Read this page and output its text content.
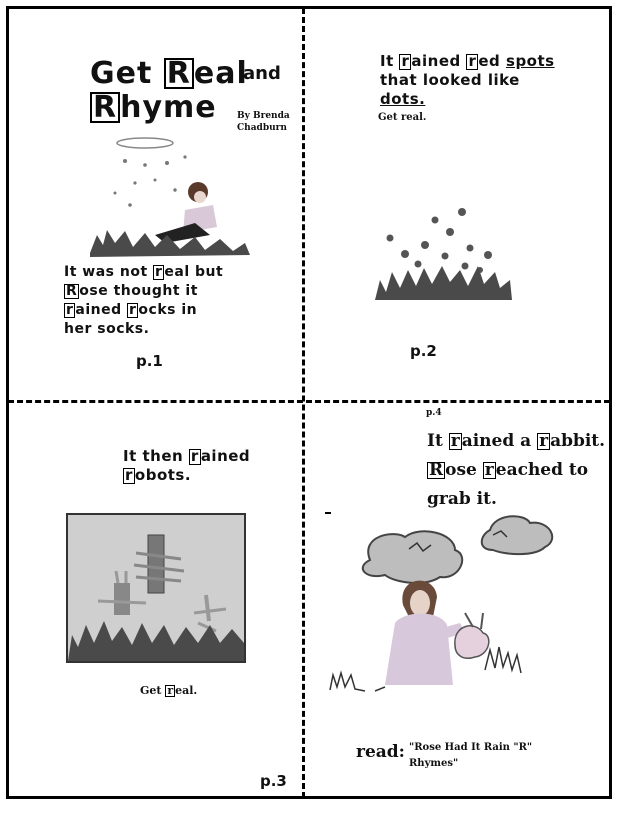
Get R eal
and
R hyme By Brenda
Chadburn
It was not r eal but
R ose thought it
r ained r ocks in
her socks.
p.1
It r ained r ed spots
that looked like
dots.
Get real.
p.2
It then r ained
r obots.
Get r eal.
p.3
p.4
It r ained a r abbit.
R ose r eached to
grab it.
read: "Rose Had It Rain "R"
Rhymes"
